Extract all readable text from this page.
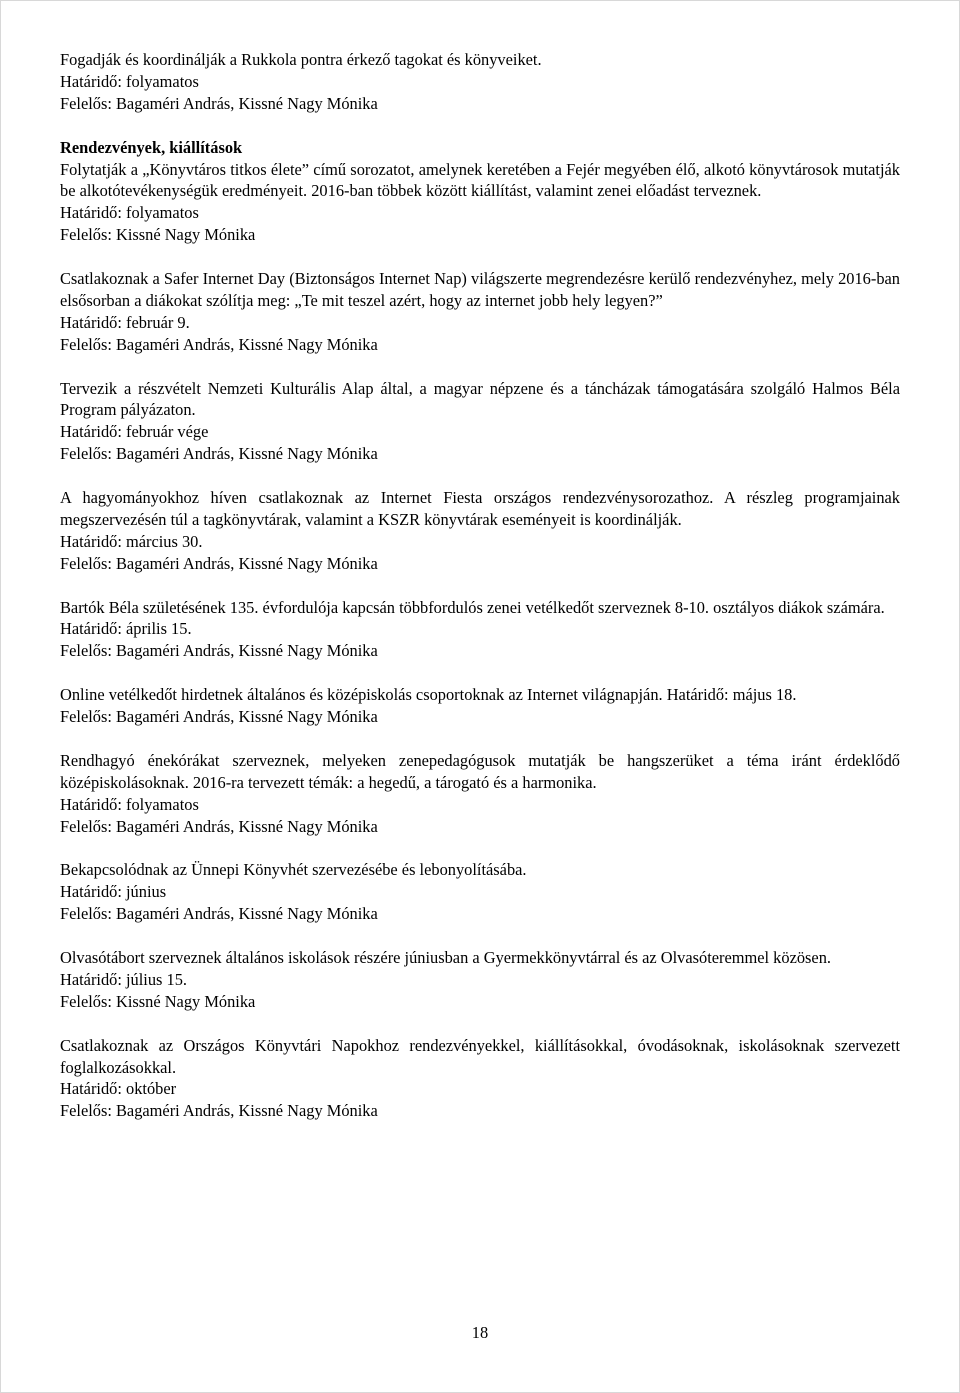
Fogadják és koordinálják a Rukkola pontra érkező tagokat és könyveiket.

Határidő: folyamatos

Felelős: Bagaméri András, Kissné Nagy Mónika

Rendezvények, kiállítások

Folytatják a „Könyvtáros titkos élete” című sorozatot, amelynek keretében a Fejér megyében élő, alkotó könyvtárosok mutatják be alkotótevékenységük eredményeit. 2016-ban többek között kiállítást, valamint zenei előadást terveznek.

Határidő: folyamatos

Felelős: Kissné Nagy Mónika

Csatlakoznak a Safer Internet Day (Biztonságos Internet Nap) világszerte megrendezésre kerülő rendezvényhez, mely 2016-ban elsősorban a diákokat szólítja meg: „Te mit teszel azért, hogy az internet jobb hely legyen?”

Határidő: február 9.

Felelős: Bagaméri András, Kissné Nagy Mónika

Tervezik a részvételt Nemzeti Kulturális Alap által, a magyar népzene és a táncházak támogatására szolgáló Halmos Béla Program pályázaton.

Határidő: február vége

Felelős: Bagaméri András, Kissné Nagy Mónika

A hagyományokhoz híven csatlakoznak az Internet Fiesta országos rendezvénysorozathoz. A részleg programjainak megszervezésén túl a tagkönyvtárak, valamint a KSZR könyvtárak eseményeit is koordinálják.

Határidő: március 30.

Felelős: Bagaméri András, Kissné Nagy Mónika

Bartók Béla születésének 135. évfordulója kapcsán többfordulós zenei vetélkedőt szerveznek 8-10. osztályos diákok számára.

Határidő: április 15.

Felelős: Bagaméri András, Kissné Nagy Mónika

Online vetélkedőt hirdetnek általános és középiskolás csoportoknak az Internet világnapján. Határidő: május 18.

Felelős: Bagaméri András, Kissné Nagy Mónika

Rendhagyó énekórákat szerveznek, melyeken zenepedagógusok mutatják be hangszerüket a téma iránt érdeklődő középiskolásoknak. 2016-ra tervezett témák: a hegedű, a tárogató és a harmonika.

Határidő: folyamatos

Felelős: Bagaméri András, Kissné Nagy Mónika

Bekapcsolódnak az Ünnepi Könyvhét szervezésébe és lebonyolításába.

Határidő: június

Felelős: Bagaméri András, Kissné Nagy Mónika

Olvasótábort szerveznek általános iskolások részére júniusban a Gyermekkönyvtárral és az Olvasóteremmel közösen.

Határidő: július 15.

Felelős: Kissné Nagy Mónika

Csatlakoznak az Országos Könyvtári Napokhoz rendezvényekkel, kiállításokkal, óvodásoknak, iskolásoknak szervezett foglalkozásokkal.

Határidő: október

Felelős: Bagaméri András, Kissné Nagy Mónika

18
